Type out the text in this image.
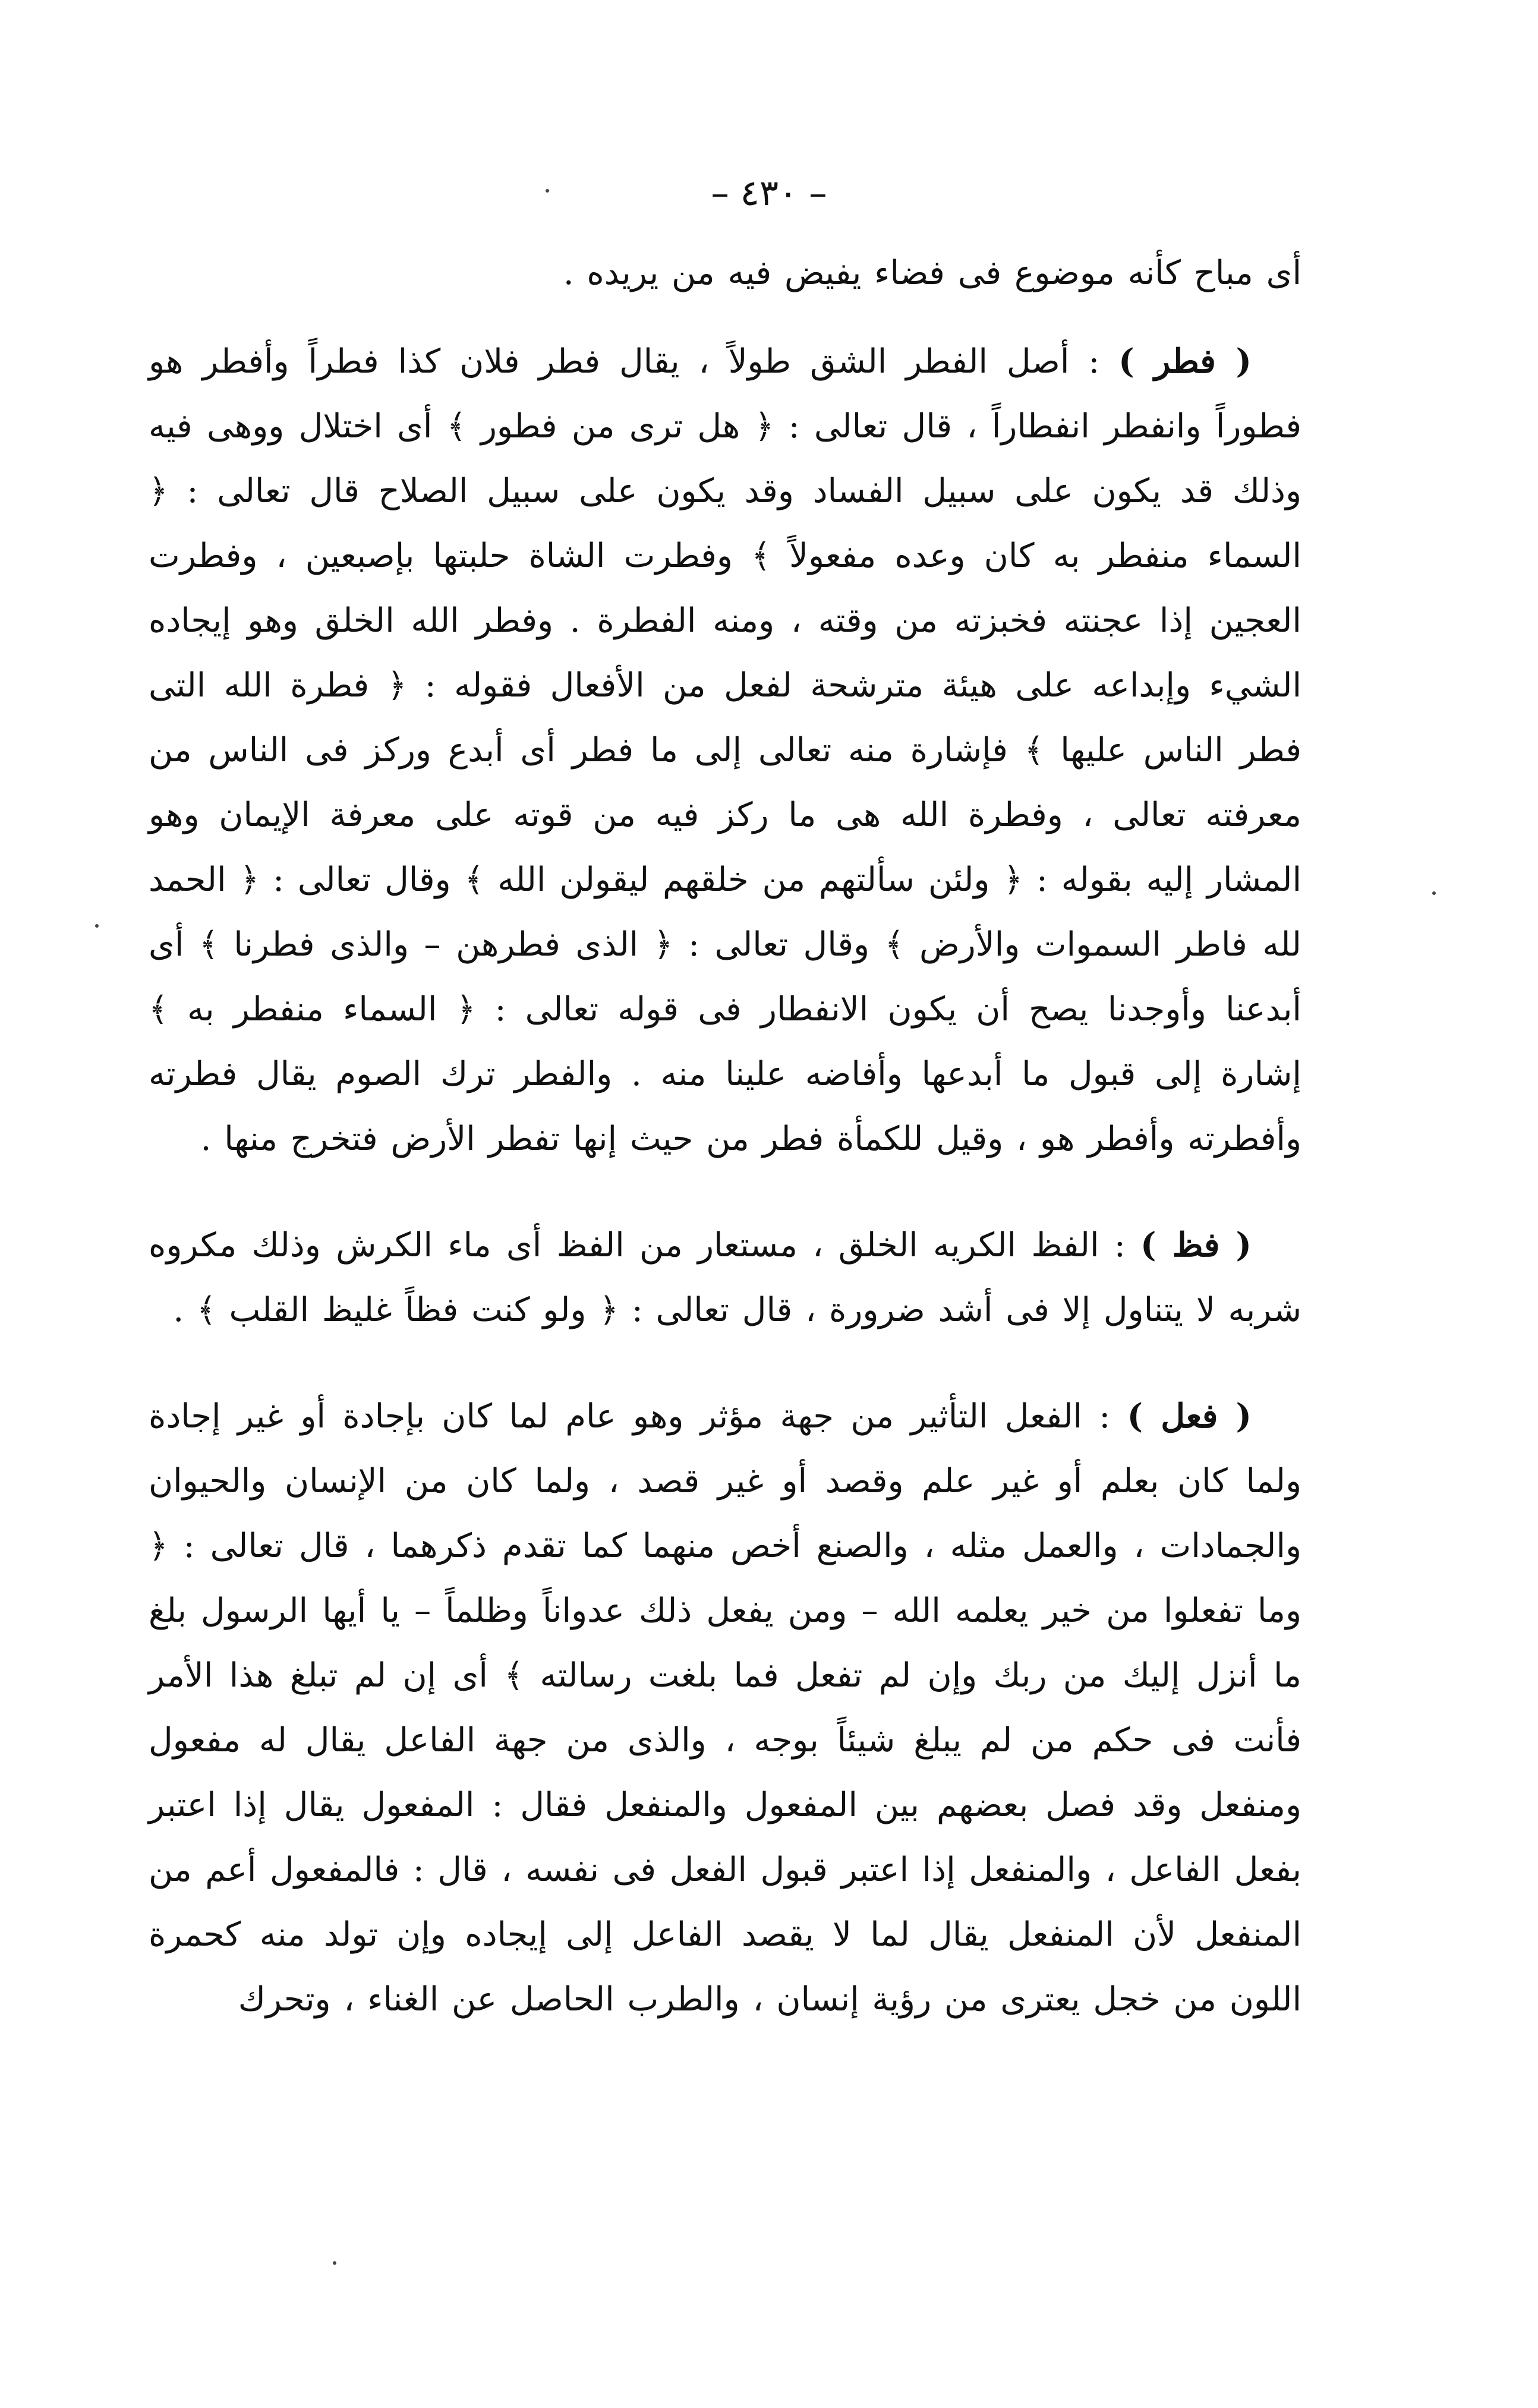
– ٤٣٠ –

أى مباح كأنه موضوع فى فضاء يفيض فيه من يريده .

( فطر ) : أصل الفطر الشق طولاً ، يقال فطر فلان كذا فطراً وأفطر هو فطوراً وانفطر انفطاراً ، قال تعالى : ﴿ هل ترى من فطور ﴾ أى اختلال ووهى فيه وذلك قد يكون على سبيل الفساد وقد يكون على سبيل الصلاح قال تعالى : ﴿ السماء منفطر به كان وعده مفعولاً ﴾ وفطرت الشاة حلبتها بإصبعين ، وفطرت العجين إذا عجنته فخبزته من وقته ، ومنه الفطرة . وفطر الله الخلق وهو إيجاده الشيء وإبداعه على هيئة مترشحة لفعل من الأفعال فقوله : ﴿ فطرة الله التى فطر الناس عليها ﴾ فإشارة منه تعالى إلى ما فطر أى أبدع وركز فى الناس من معرفته تعالى ، وفطرة الله هى ما ركز فيه من قوته على معرفة الإيمان وهو المشار إليه بقوله : ﴿ ولئن سألتهم من خلقهم ليقولن الله ﴾ وقال تعالى : ﴿ الحمد لله فاطر السموات والأرض ﴾ وقال تعالى : ﴿ الذى فطرهن – والذى فطرنا ﴾ أى أبدعنا وأوجدنا يصح أن يكون الانفطار فى قوله تعالى : ﴿ السماء منفطر به ﴾ إشارة إلى قبول ما أبدعها وأفاضه علينا منه . والفطر ترك الصوم يقال فطرته وأفطرته وأفطر هو ، وقيل للكمأة فطر من حيث إنها تفطر الأرض فتخرج منها .

( فظ ) : الفظ الكريه الخلق ، مستعار من الفظ أى ماء الكرش وذلك مكروه شربه لا يتناول إلا فى أشد ضرورة ، قال تعالى : ﴿ ولو كنت فظاً غليظ القلب ﴾ .

( فعل ) : الفعل التأثير من جهة مؤثر وهو عام لما كان بإجادة أو غير إجادة ولما كان بعلم أو غير علم وقصد أو غير قصد ، ولما كان من الإنسان والحيوان والجمادات ، والعمل مثله ، والصنع أخص منهما كما تقدم ذكرهما ، قال تعالى : ﴿ وما تفعلوا من خير يعلمه الله – ومن يفعل ذلك عدواناً وظلماً – يا أيها الرسول بلغ ما أنزل إليك من ربك وإن لم تفعل فما بلغت رسالته ﴾ أى إن لم تبلغ هذا الأمر فأنت فى حكم من لم يبلغ شيئاً بوجه ، والذى من جهة الفاعل يقال له مفعول ومنفعل وقد فصل بعضهم بين المفعول والمنفعل فقال : المفعول يقال إذا اعتبر بفعل الفاعل ، والمنفعل إذا اعتبر قبول الفعل فى نفسه ، قال : فالمفعول أعم من المنفعل لأن المنفعل يقال لما لا يقصد الفاعل إلى إيجاده وإن تولد منه كحمرة اللون من خجل يعترى من رؤية إنسان ، والطرب الحاصل عن الغناء ، وتحرك
